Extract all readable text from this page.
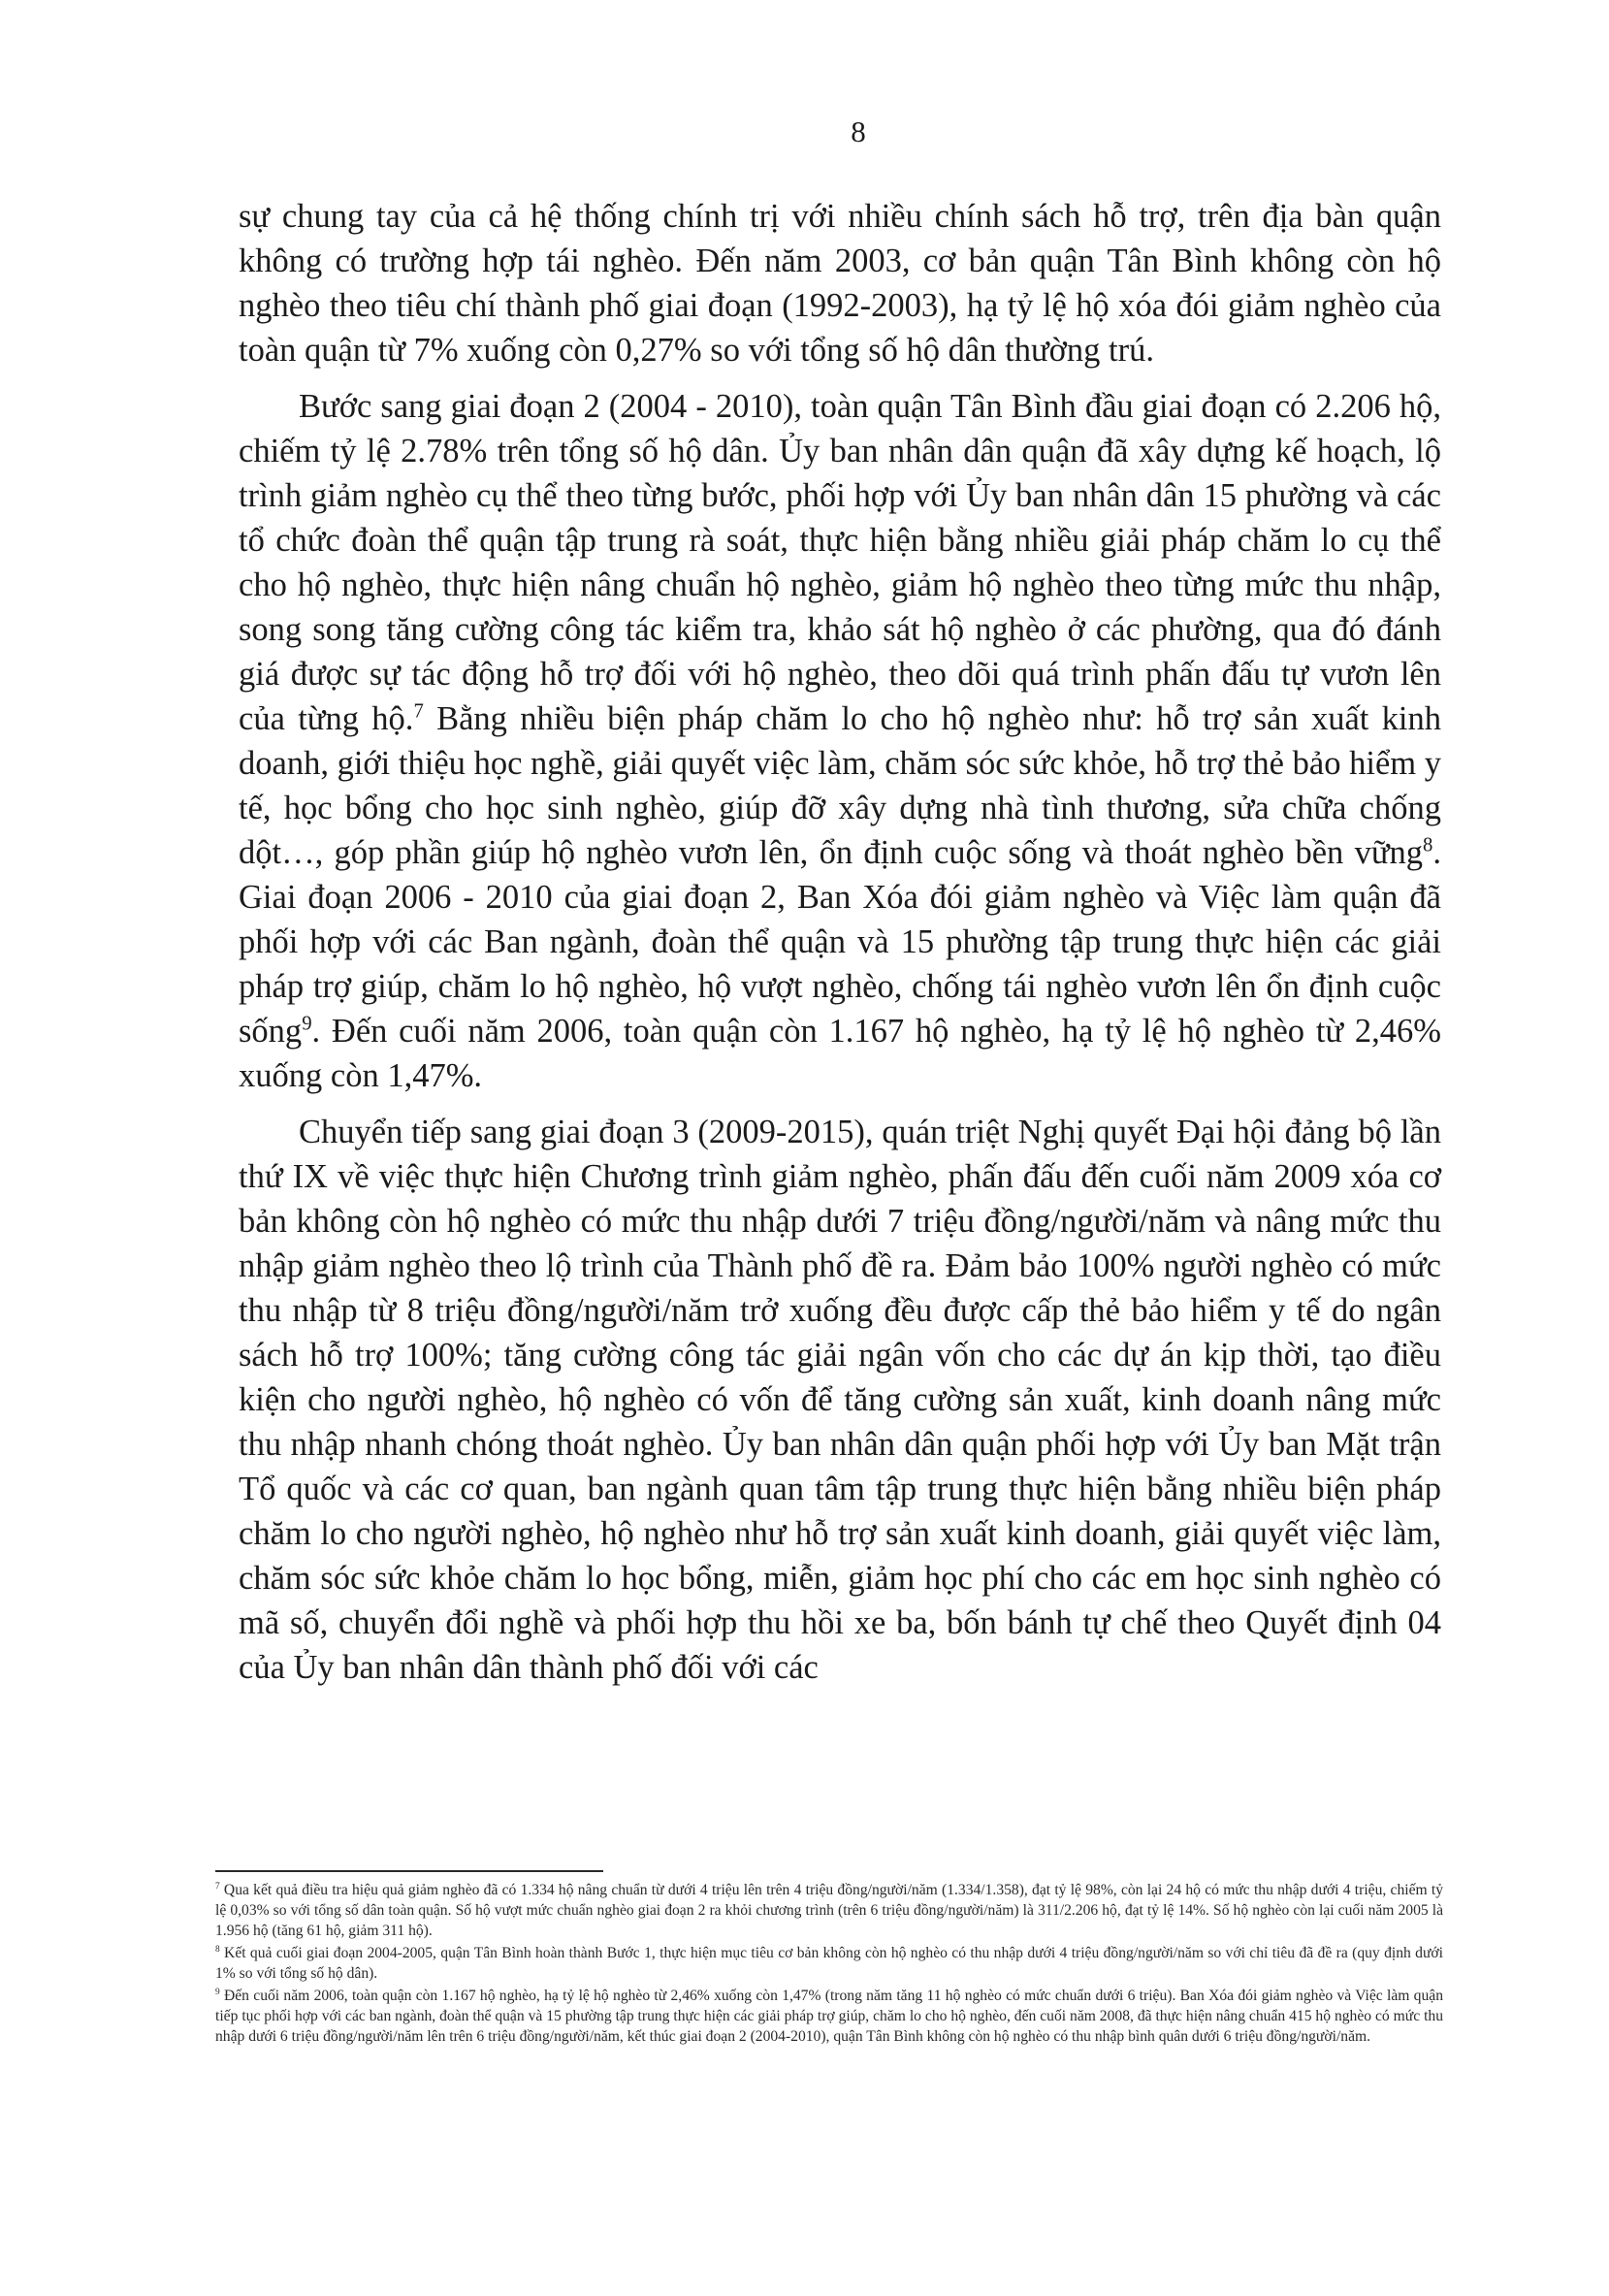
8

sự chung tay của cả hệ thống chính trị với nhiều chính sách hỗ trợ, trên địa bàn quận không có trường hợp tái nghèo. Đến năm 2003, cơ bản quận Tân Bình không còn hộ nghèo theo tiêu chí thành phố giai đoạn (1992-2003), hạ tỷ lệ hộ xóa đói giảm nghèo của toàn quận từ 7% xuống còn 0,27% so với tổng số hộ dân thường trú.

Bước sang giai đoạn 2 (2004 - 2010), toàn quận Tân Bình đầu giai đoạn có 2.206 hộ, chiếm tỷ lệ 2.78% trên tổng số hộ dân. Ủy ban nhân dân quận đã xây dựng kế hoạch, lộ trình giảm nghèo cụ thể theo từng bước, phối hợp với Ủy ban nhân dân 15 phường và các tổ chức đoàn thể quận tập trung rà soát, thực hiện bằng nhiều giải pháp chăm lo cụ thể cho hộ nghèo, thực hiện nâng chuẩn hộ nghèo, giảm hộ nghèo theo từng mức thu nhập, song song tăng cường công tác kiểm tra, khảo sát hộ nghèo ở các phường, qua đó đánh giá được sự tác động hỗ trợ đối với hộ nghèo, theo dõi quá trình phấn đấu tự vươn lên của từng hộ.$^7$ Bằng nhiều biện pháp chăm lo cho hộ nghèo như: hỗ trợ sản xuất kinh doanh, giới thiệu học nghề, giải quyết việc làm, chăm sóc sức khỏe, hỗ trợ thẻ bảo hiểm y tế, học bổng cho học sinh nghèo, giúp đỡ xây dựng nhà tình thương, sửa chữa chống dột…, góp phần giúp hộ nghèo vươn lên, ổn định cuộc sống và thoát nghèo bền vững$^8$. Giai đoạn 2006 - 2010 của giai đoạn 2, Ban Xóa đói giảm nghèo và Việc làm quận đã phối hợp với các Ban ngành, đoàn thể quận và 15 phường tập trung thực hiện các giải pháp trợ giúp, chăm lo hộ nghèo, hộ vượt nghèo, chống tái nghèo vươn lên ổn định cuộc sống$^9$. Đến cuối năm 2006, toàn quận còn 1.167 hộ nghèo, hạ tỷ lệ hộ nghèo từ 2,46% xuống còn 1,47%.

Chuyển tiếp sang giai đoạn 3 (2009-2015), quán triệt Nghị quyết Đại hội đảng bộ lần thứ IX về việc thực hiện Chương trình giảm nghèo, phấn đấu đến cuối năm 2009 xóa cơ bản không còn hộ nghèo có mức thu nhập dưới 7 triệu đồng/người/năm và nâng mức thu nhập giảm nghèo theo lộ trình của Thành phố đề ra. Đảm bảo 100% người nghèo có mức thu nhập từ 8 triệu đồng/người/năm trở xuống đều được cấp thẻ bảo hiểm y tế do ngân sách hỗ trợ 100%; tăng cường công tác giải ngân vốn cho các dự án kịp thời, tạo điều kiện cho người nghèo, hộ nghèo có vốn để tăng cường sản xuất, kinh doanh nâng mức thu nhập nhanh chóng thoát nghèo. Ủy ban nhân dân quận phối hợp với Ủy ban Mặt trận Tổ quốc và các cơ quan, ban ngành quan tâm tập trung thực hiện bằng nhiều biện pháp chăm lo cho người nghèo, hộ nghèo như hỗ trợ sản xuất kinh doanh, giải quyết việc làm, chăm sóc sức khỏe chăm lo học bổng, miễn, giảm học phí cho các em học sinh nghèo có mã số, chuyển đổi nghề và phối hợp thu hồi xe ba, bốn bánh tự chế theo Quyết định 04 của Ủy ban nhân dân thành phố đối với các

$^7$ Qua kết quả điều tra hiệu quả giảm nghèo đã có 1.334 hộ nâng chuẩn từ dưới 4 triệu lên trên 4 triệu đồng/người/năm (1.334/1.358), đạt tỷ lệ 98%, còn lại 24 hộ có mức thu nhập dưới 4 triệu, chiếm tỷ lệ 0,03% so với tổng số dân toàn quận. Số hộ vượt mức chuẩn nghèo giai đoạn 2 ra khỏi chương trình (trên 6 triệu đồng/người/năm) là 311/2.206 hộ, đạt tỷ lệ 14%. Số hộ nghèo còn lại cuối năm 2005 là 1.956 hộ (tăng 61 hộ, giảm 311 hộ).

$^8$ Kết quả cuối giai đoạn 2004-2005, quận Tân Bình hoàn thành Bước 1, thực hiện mục tiêu cơ bản không còn hộ nghèo có thu nhập dưới 4 triệu đồng/người/năm so với chỉ tiêu đã đề ra (quy định dưới 1% so với tổng số hộ dân).

$^9$ Đến cuối năm 2006, toàn quận còn 1.167 hộ nghèo, hạ tỷ lệ hộ nghèo từ 2,46% xuống còn 1,47% (trong năm tăng 11 hộ nghèo có mức chuẩn dưới 6 triệu). Ban Xóa đói giảm nghèo và Việc làm quận tiếp tục phối hợp với các ban ngành, đoàn thể quận và 15 phường tập trung thực hiện các giải pháp trợ giúp, chăm lo cho hộ nghèo, đến cuối năm 2008, đã thực hiện nâng chuẩn 415 hộ nghèo có mức thu nhập dưới 6 triệu đồng/người/năm lên trên 6 triệu đồng/người/năm, kết thúc giai đoạn 2 (2004-2010), quận Tân Bình không còn hộ nghèo có thu nhập bình quân dưới 6 triệu đồng/người/năm.
